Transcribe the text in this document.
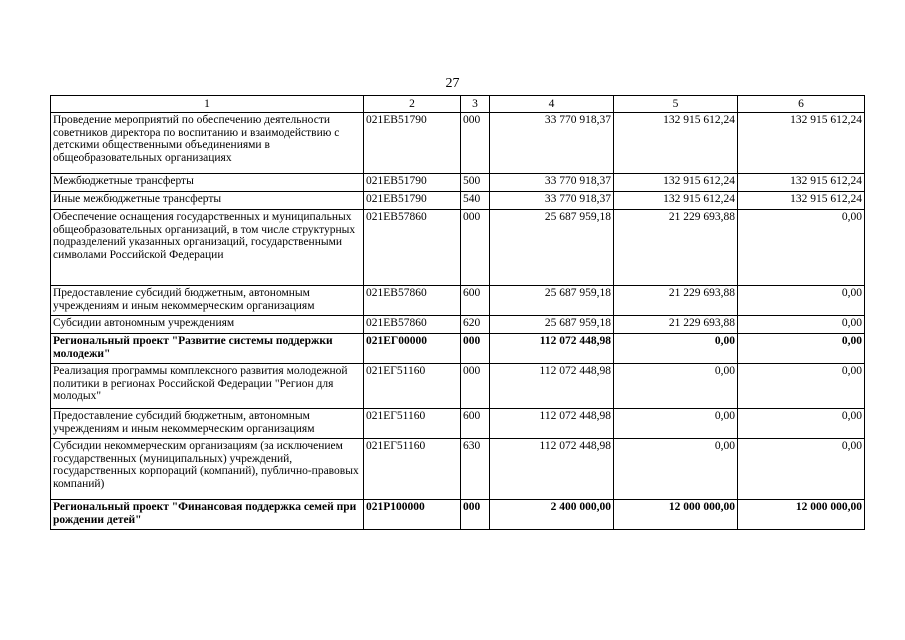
27
1	2	3	4	5	6
Проведение мероприятий по обеспечению деятельности советников директора по воспитанию и взаимодействию с детскими общественными объединениями в общеобразовательных организациях	021EВ51790	000	33 770 918,37	132 915 612,24	132 915 612,24
Межбюджетные трансферты	021EВ51790	500	33 770 918,37	132 915 612,24	132 915 612,24
Иные межбюджетные трансферты	021EВ51790	540	33 770 918,37	132 915 612,24	132 915 612,24
Обеспечение оснащения государственных и муниципальных общеобразовательных организаций, в том числе структурных подразделений указанных организаций, государственными символами Российской Федерации	021EВ57860	000	25 687 959,18	21 229 693,88	0,00
Предоставление субсидий бюджетным, автономным учреждениям и иным некоммерческим организациям	021EВ57860	600	25 687 959,18	21 229 693,88	0,00
Субсидии автономным учреждениям	021EВ57860	620	25 687 959,18	21 229 693,88	0,00
Региональный проект "Развитие системы поддержки молодежи"	021EГ00000	000	112 072 448,98	0,00	0,00
Реализация программы комплексного развития молодежной политики в регионах Российской Федерации "Регион для молодых"	021EГ51160	000	112 072 448,98	0,00	0,00
Предоставление субсидий бюджетным, автономным учреждениям и иным некоммерческим организациям	021EГ51160	600	112 072 448,98	0,00	0,00
Субсидии некоммерческим организациям (за исключением государственных (муниципальных) учреждений, государственных корпораций (компаний), публично-правовых компаний)	021EГ51160	630	112 072 448,98	0,00	0,00
Региональный проект "Финансовая поддержка семей при рождении детей"	021P100000	000	2 400 000,00	12 000 000,00	12 000 000,00
